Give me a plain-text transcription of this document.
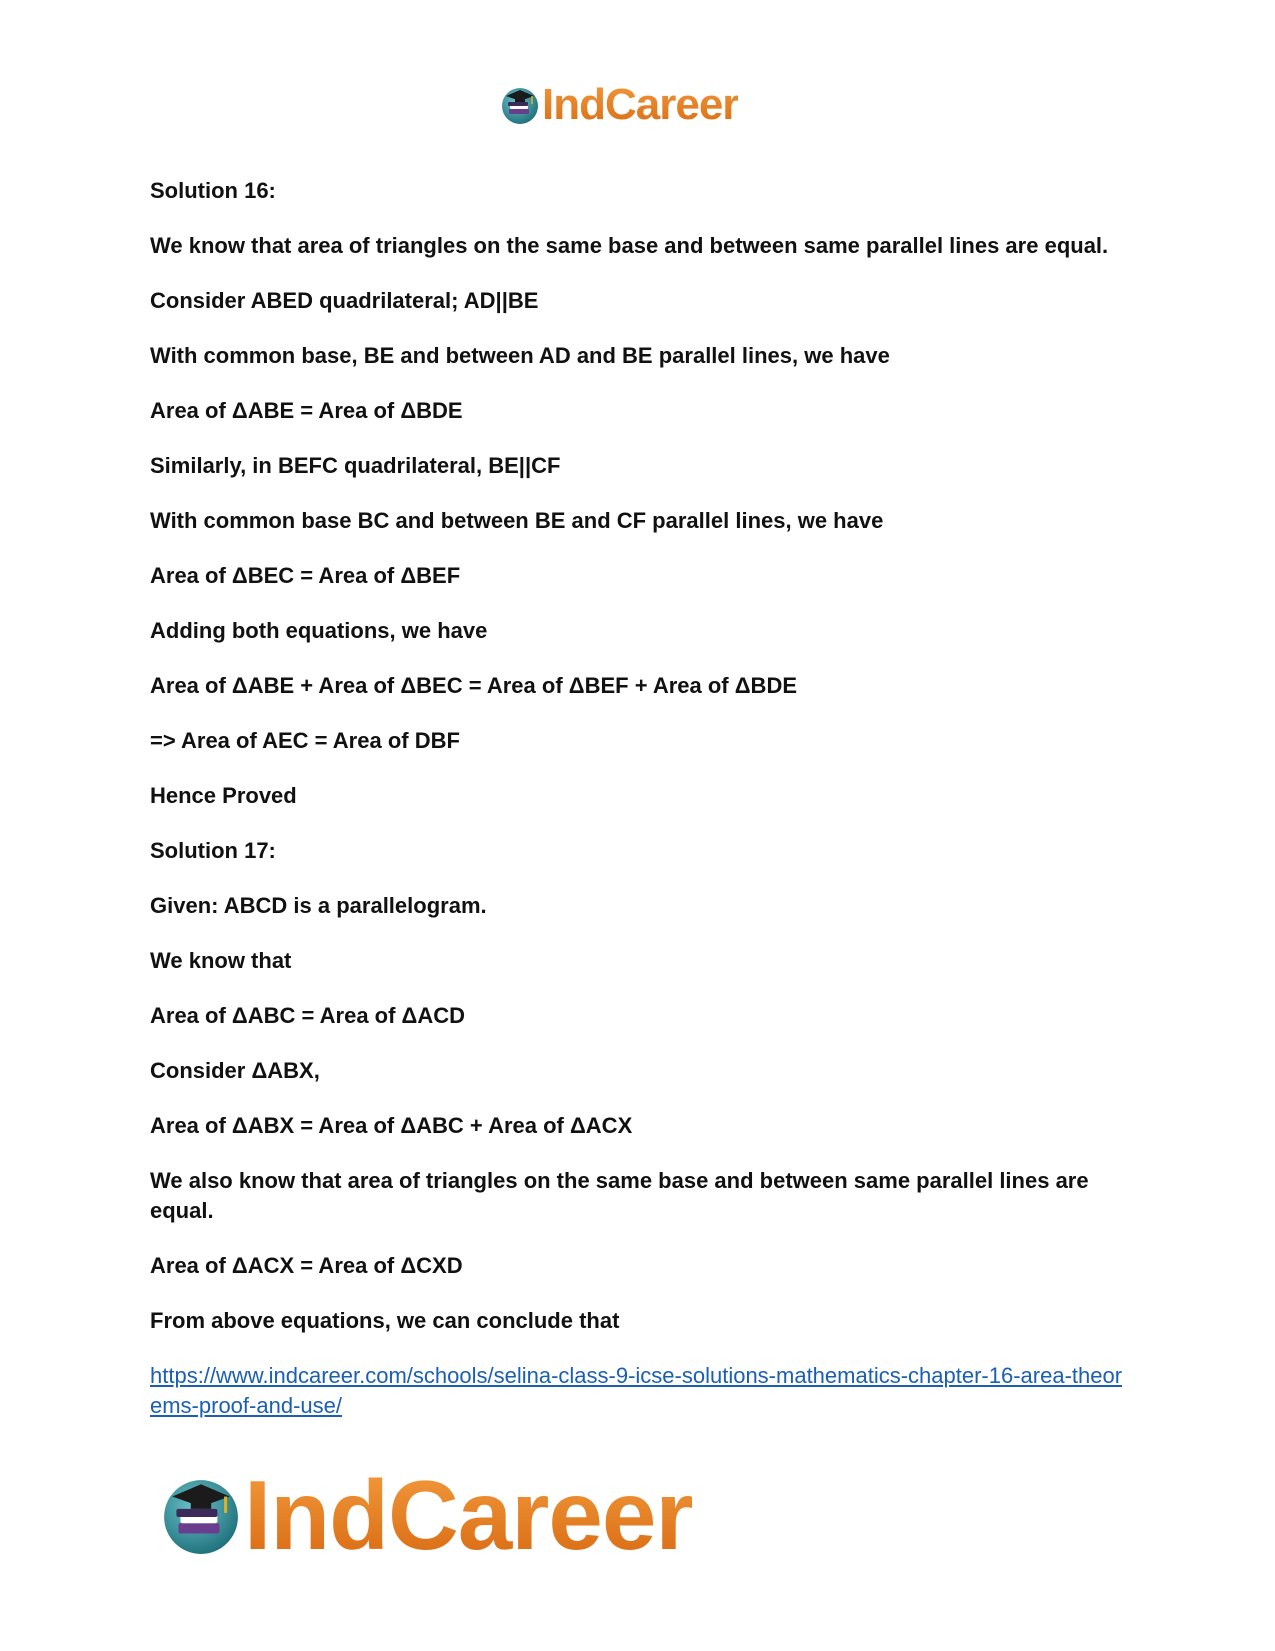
IndCareer

Solution 16:

We know that area of triangles on the same base and between same parallel lines are equal.

Consider ABED quadrilateral; AD||BE

With common base, BE and between AD and BE parallel lines, we have

Area of ΔABE = Area of ΔBDE

Similarly, in BEFC quadrilateral, BE||CF

With common base BC and between BE and CF parallel lines, we have

Area of ΔBEC = Area of ΔBEF

Adding both equations, we have

Area of ΔABE + Area of ΔBEC = Area of ΔBEF + Area of ΔBDE

=> Area of AEC = Area of DBF

Hence Proved

Solution 17:

Given: ABCD is a parallelogram.

We know that

Area of ΔABC = Area of ΔACD

Consider ΔABX,

Area of ΔABX = Area of ΔABC + Area of ΔACX

We also know that area of triangles on the same base and between same parallel lines are equal.

Area of ΔACX = Area of ΔCXD

From above equations, we can conclude that

https://www.indcareer.com/schools/selina-class-9-icse-solutions-mathematics-chapter-16-area-theorems-proof-and-use/
IndCareer
